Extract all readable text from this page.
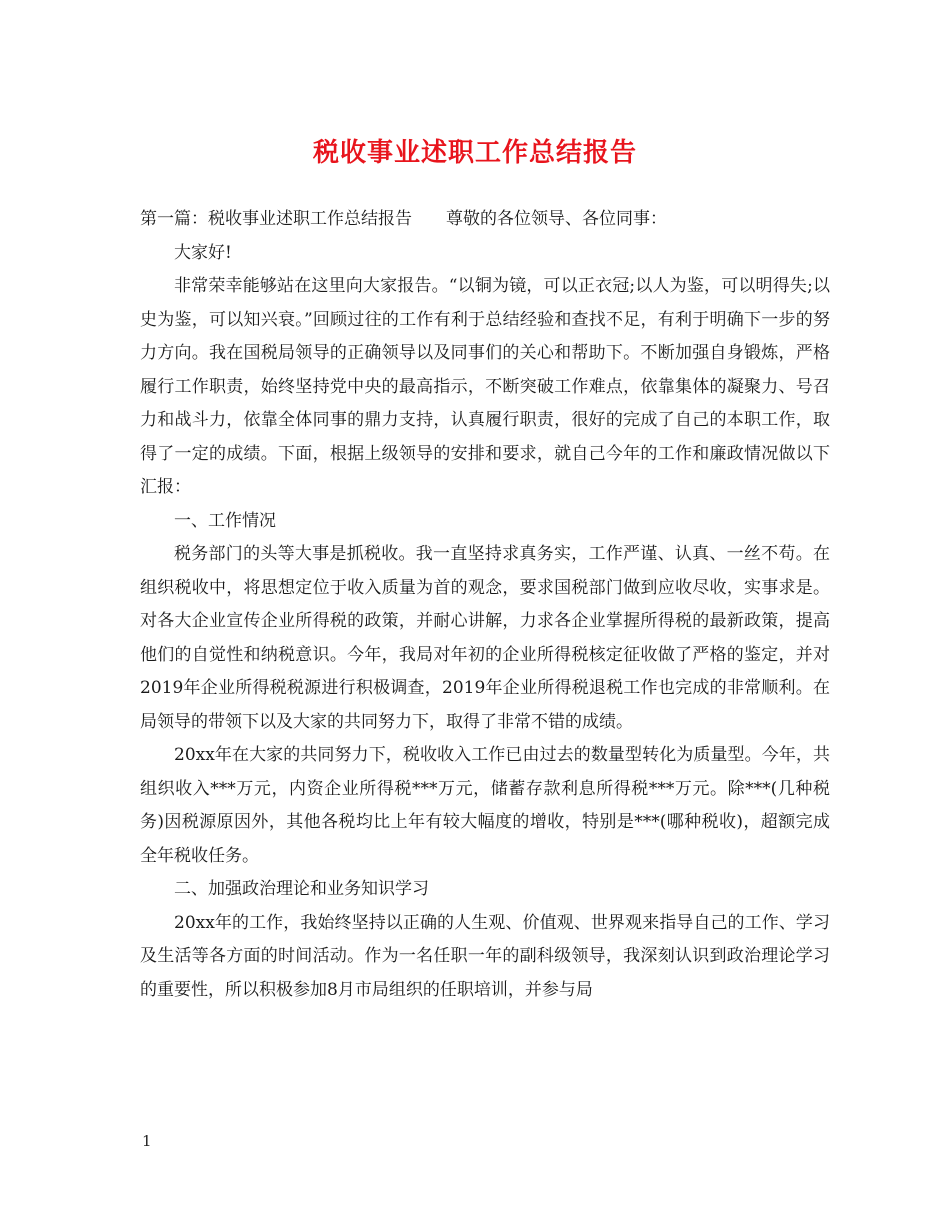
税收事业述职工作总结报告

第一篇：税收事业述职工作总结报告　　尊敬的各位领导、各位同事：

大家好!

非常荣幸能够站在这里向大家报告。“以铜为镜，可以正衣冠;以人为鉴，可以明得失;以史为鉴，可以知兴衰。”回顾过往的工作有利于总结经验和查找不足，有利于明确下一步的努力方向。我在国税局领导的正确领导以及同事们的关心和帮助下。不断加强自身锻炼，严格履行工作职责，始终坚持党中央的最高指示，不断突破工作难点，依靠集体的凝聚力、号召力和战斗力，依靠全体同事的鼎力支持，认真履行职责，很好的完成了自己的本职工作，取得了一定的成绩。下面，根据上级领导的安排和要求，就自己今年的工作和廉政情况做以下汇报：

一、工作情况

税务部门的头等大事是抓税收。我一直坚持求真务实，工作严谨、认真、一丝不苟。在组织税收中，将思想定位于收入质量为首的观念，要求国税部门做到应收尽收，实事求是。对各大企业宣传企业所得税的政策，并耐心讲解，力求各企业掌握所得税的最新政策，提高他们的自觉性和纳税意识。今年，我局对年初的企业所得税核定征收做了严格的鉴定，并对2019年企业所得税税源进行积极调查，2019年企业所得税退税工作也完成的非常顺利。在局领导的带领下以及大家的共同努力下，取得了非常不错的成绩。

20xx年在大家的共同努力下，税收收入工作已由过去的数量型转化为质量型。今年，共组织收入***万元，内资企业所得税***万元，储蓄存款利息所得税***万元。除***(几种税务)因税源原因外，其他各税均比上年有较大幅度的增收，特别是***(哪种税收)，超额完成全年税收任务。

二、加强政治理论和业务知识学习

20xx年的工作，我始终坚持以正确的人生观、价值观、世界观来指导自己的工作、学习及生活等各方面的时间活动。作为一名任职一年的副科级领导，我深刻认识到政治理论学习的重要性，所以积极参加8月市局组织的任职培训，并参与局

1
